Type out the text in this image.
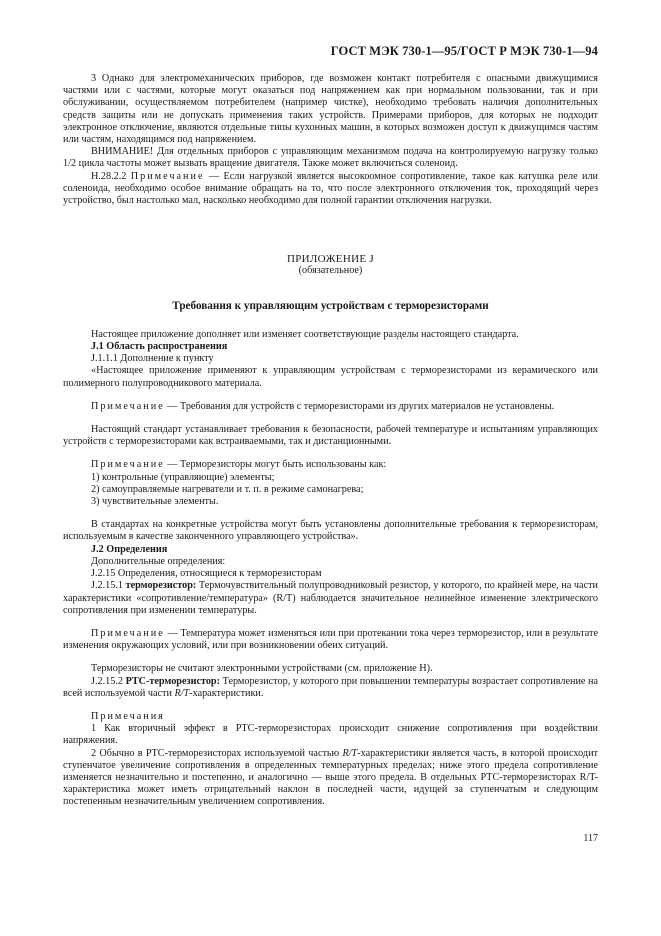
ГОСТ МЭК 730-1—95/ГОСТ Р МЭК 730-1—94

3 Однако для электромеханических приборов, где возможен контакт потребителя с опасными движущимися частями или с частями, которые могут оказаться под напряжением как при нормальном пользовании, так и при обслуживании, осуществляемом потребителем (например чистке), необходимо требовать наличия дополнительных средств защиты или не допускать применения таких устройств. Примерами приборов, для которых не подходит электронное отключение, являются отдельные типы кухонных машин, в которых возможен доступ к движущимся частям или частям, находящимся под напряжением.

ВНИМАНИЕ! Для отдельных приборов с управляющим механизмом подача на контролируемую нагрузку только 1/2 цикла частоты может вызвать вращение двигателя. Также может включиться соленоид.

H.28.2.2 Примечание — Если нагрузкой является высокоомное сопротивление, такое как катушка реле или соленоида, необходимо особое внимание обращать на то, что после электронного отключения ток, проходящий через устройство, был настолько мал, насколько необходимо для полной гарантии отключения нагрузки.

ПРИЛОЖЕНИЕ J

(обязательное)

Требования к управляющим устройствам с терморезисторами

Настоящее приложение дополняет или изменяет соответствующие разделы настоящего стандарта.

J.1 Область распространения

J.1.1.1 Дополнение к пункту

«Настоящее приложение применяют к управляющим устройствам с терморезисторами из керамического или полимерного полупроводникового материала.

Примечание — Требования для устройств с терморезисторами из других материалов не установлены.

Настоящий стандарт устанавливает требования к безопасности, рабочей температуре и испытаниям управляющих устройств с терморезисторами как встраиваемыми, так и дистанционными.

Примечание — Терморезисторы могут быть использованы как:

1) контрольные (управляющие) элементы;

2) самоуправляемые нагреватели и т. п. в режиме самонагрева;

3) чувствительные элементы.

В стандартах на конкретные устройства могут быть установлены дополнительные требования к терморезисторам, используемым в качестве законченного управляющего устройства».

J.2 Определения

Дополнительные определения:

J.2.15 Определения, относящиеся к терморезисторам

J.2.15.1 терморезистор: Термочувствительный полупроводниковый резистор, у которого, по крайней мере, на части характеристики «сопротивление/температура» (R/T) наблюдается значительное нелинейное изменение электрического сопротивления при изменении температуры.

Примечание — Температура может изменяться или при протекании тока через терморезистор, или в результате изменения окружающих условий, или при возникновении обеих ситуаций.

Терморезисторы не считают электронными устройствами (см. приложение H).

J.2.15.2 PTC-терморезистор: Терморезистор, у которого при повышении температуры возрастает сопротивление на всей используемой части R/T-характеристики.

Примечания

1 Как вторичный эффект в PTC-терморезисторах происходит снижение сопротивления при воздействии напряжения.

2 Обычно в PTC-терморезисторах используемой частью R/T-характеристики является часть, в которой происходит ступенчатое увеличение сопротивления в определенных температурных пределах; ниже этого предела сопротивление изменяется незначительно и постепенно, и аналогично — выше этого предела. В отдельных PTC-терморезисторах R/T-характеристика может иметь отрицательный наклон в последней части, идущей за ступенчатым и следующим постепенным незначительным увеличением сопротивления.

117
